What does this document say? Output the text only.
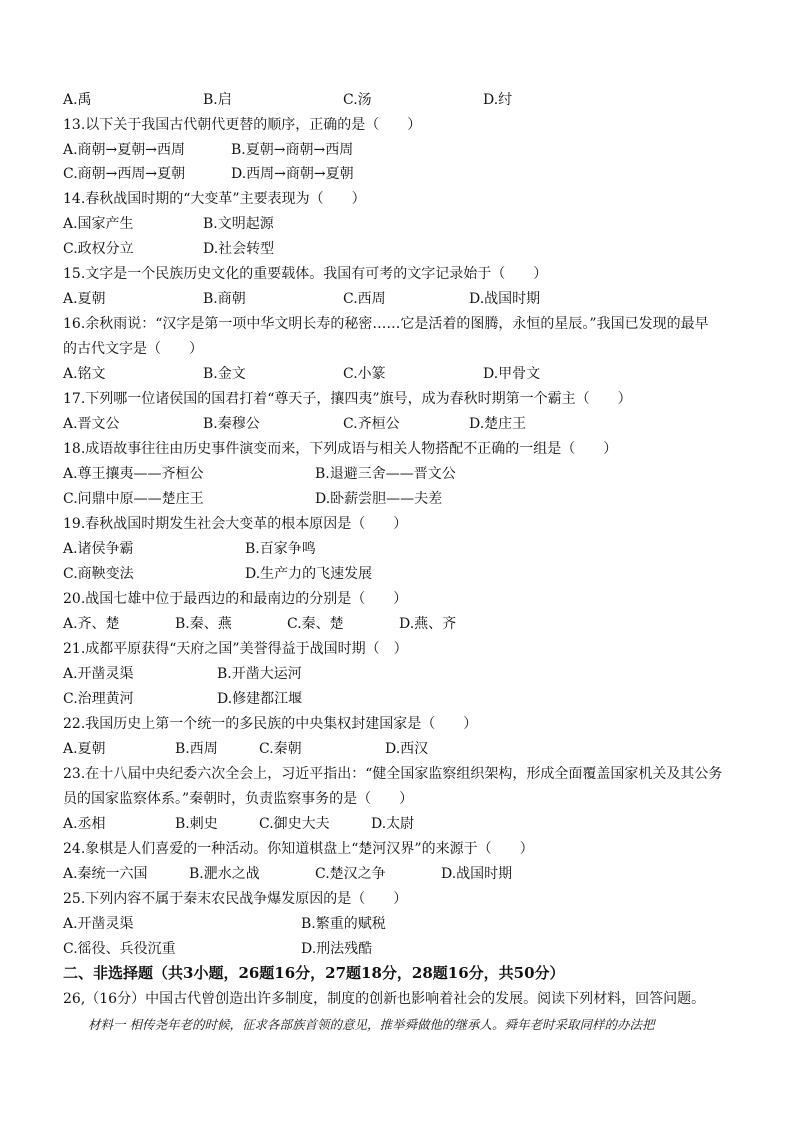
A.禹	B.启	C.汤	D.纣
13.以下关于我国古代朝代更替的顺序，正确的是（　　）
A.商朝→夏朝→西周	B.夏朝→商朝→西周
C.商朝→西周→夏朝	D.西周→商朝→夏朝
14.春秋战国时期的“大变革”主要表现为（　　）
A.国家产生	B.文明起源
C.政权分立	D.社会转型
15.文字是一个民族历史文化的重要载体。我国有可考的文字记录始于（　　）
A.夏朝	B.商朝	C.西周	D.战国时期
16.余秋雨说：“汉字是第一项中华文明长寿的秘密……它是活着的图腾，永恒的星辰。”我国已发现的最早
的古代文字是（　　）
A.铭文	B.金文	C.小篆	D.甲骨文
17.下列哪一位诸侯国的国君打着“尊天子，攘四夷”旗号，成为春秋时期第一个霸主（　　）
A.晋文公	B.秦穆公	C.齐桓公	D.楚庄王
18.成语故事往往由历史事件演变而来，下列成语与相关人物搭配不正确的一组是（　　）
A.尊王攘夷——齐桓公	B.退避三舍——晋文公
C.问鼎中原——楚庄王	D.卧薪尝胆——夫差
19.春秋战国时期发生社会大变革的根本原因是（　　）
A.诸侯争霸	B.百家争鸣
C.商鞅变法	D.生产力的飞速发展
20.战国七雄中位于最西边的和最南边的分别是（　　）
A.齐、楚	B.秦、燕	C.秦、楚	D.燕、齐
21.成都平原获得“天府之国”美誉得益于战国时期（　）
A.开凿灵渠	B.开凿大运河
C.治理黄河	D.修建都江堰
22.我国历史上第一个统一的多民族的中央集权封建国家是（　　）
A.夏朝	B.西周	C.秦朝	D.西汉
23.在十八届中央纪委六次全会上，习近平指出：“健全国家监察组织架构，形成全面覆盖国家机关及其公务
员的国家监察体系。”秦朝时，负责监察事务的是（　　）
A.丞相	B.刺史	C.御史大夫	D.太尉
24.象棋是人们喜爱的一种活动。你知道棋盘上“楚河汉界”的来源于（　　）
A.秦统一六国	B.淝水之战	C.楚汉之争	D.战国时期
25.下列内容不属于秦末农民战争爆发原因的是（　　）
A.开凿灵渠	B.繁重的赋税
C.徭役、兵役沉重	D.刑法残酷
二、非选择题（共3小题，26题16分，27题18分，28题16分，共50分）
26,（16分）中国古代曾创造出许多制度，制度的创新也影响着社会的发展。阅读下列材料，回答问题。
材料一 相传尧年老的时候，征求各部族首领的意见，推举舜做他的继承人。舜年老时采取同样的办法把
